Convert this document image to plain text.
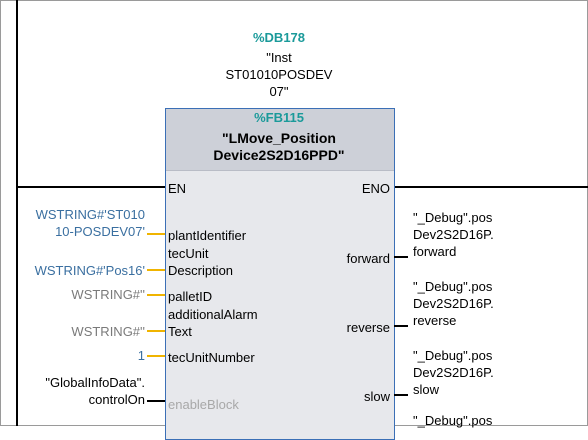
%DB178
"Inst
ST01010POSDEV
07"
%FB115
"LMove_Position
Device2S2D16PPD"
EN	ENO
WSTRING#'ST010
10-POSDEV07' plantIdentifier
WSTRING#'Pos16'
tecUnit
Description
WSTRING#'' palletID
WSTRING#''
additionalAlarm
Text
1 tecUnitNumber
"GlobalInfoData".
controlOn enableBlock
forward
"_Debug".pos
Dev2S2D16P.
forward
reverse
"_Debug".pos
Dev2S2D16P.
reverse
slow
"_Debug".pos
Dev2S2D16P.
slow
"_Debug".pos
